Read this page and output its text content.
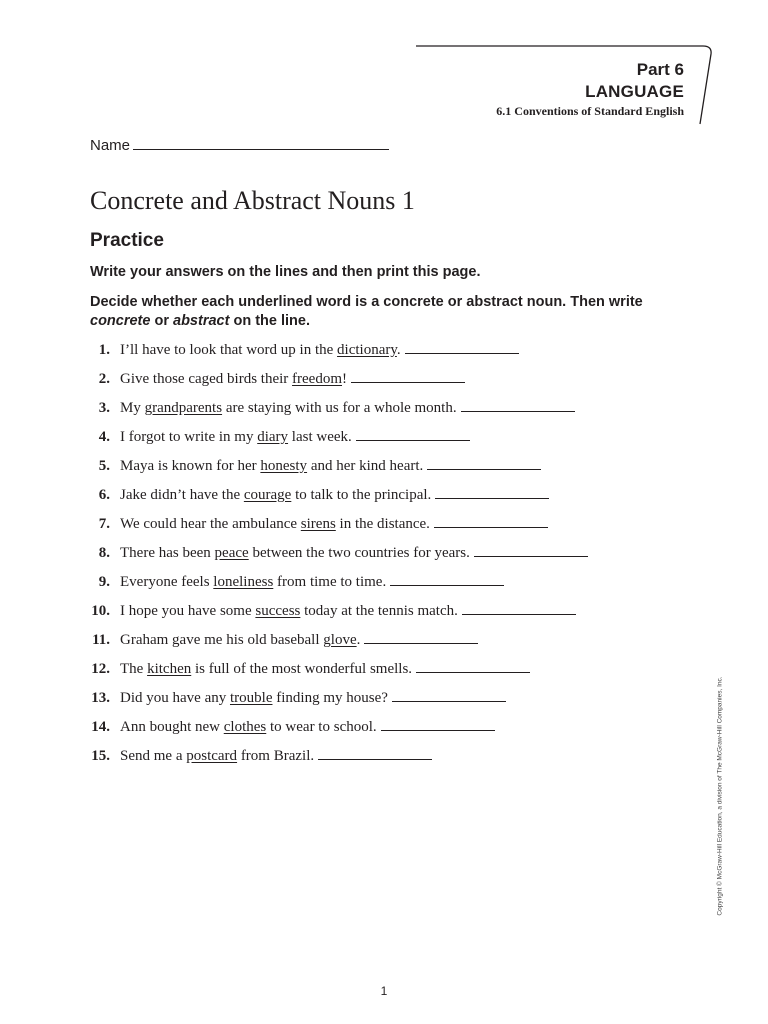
Part 6
LANGUAGE
6.1 Conventions of Standard English
Name
Concrete and Abstract Nouns 1
Practice

Write your answers on the lines and then print this page.

Decide whether each underlined word is a concrete or abstract noun. Then write concrete or abstract on the line.

1. I’ll have to look that word up in the dictionary.
2. Give those caged birds their freedom!
3. My grandparents are staying with us for a whole month.
4. I forgot to write in my diary last week.
5. Maya is known for her honesty and her kind heart.
6. Jake didn’t have the courage to talk to the principal.
7. We could hear the ambulance sirens in the distance.
8. There has been peace between the two countries for years.
9. Everyone feels loneliness from time to time.
10. I hope you have some success today at the tennis match.
11. Graham gave me his old baseball glove.
12. The kitchen is full of the most wonderful smells.
13. Did you have any trouble finding my house?
14. Ann bought new clothes to wear to school.
15. Send me a postcard from Brazil.	Copyright © McGraw-Hill Education, a division of The McGraw-Hill Companies, Inc.
1
